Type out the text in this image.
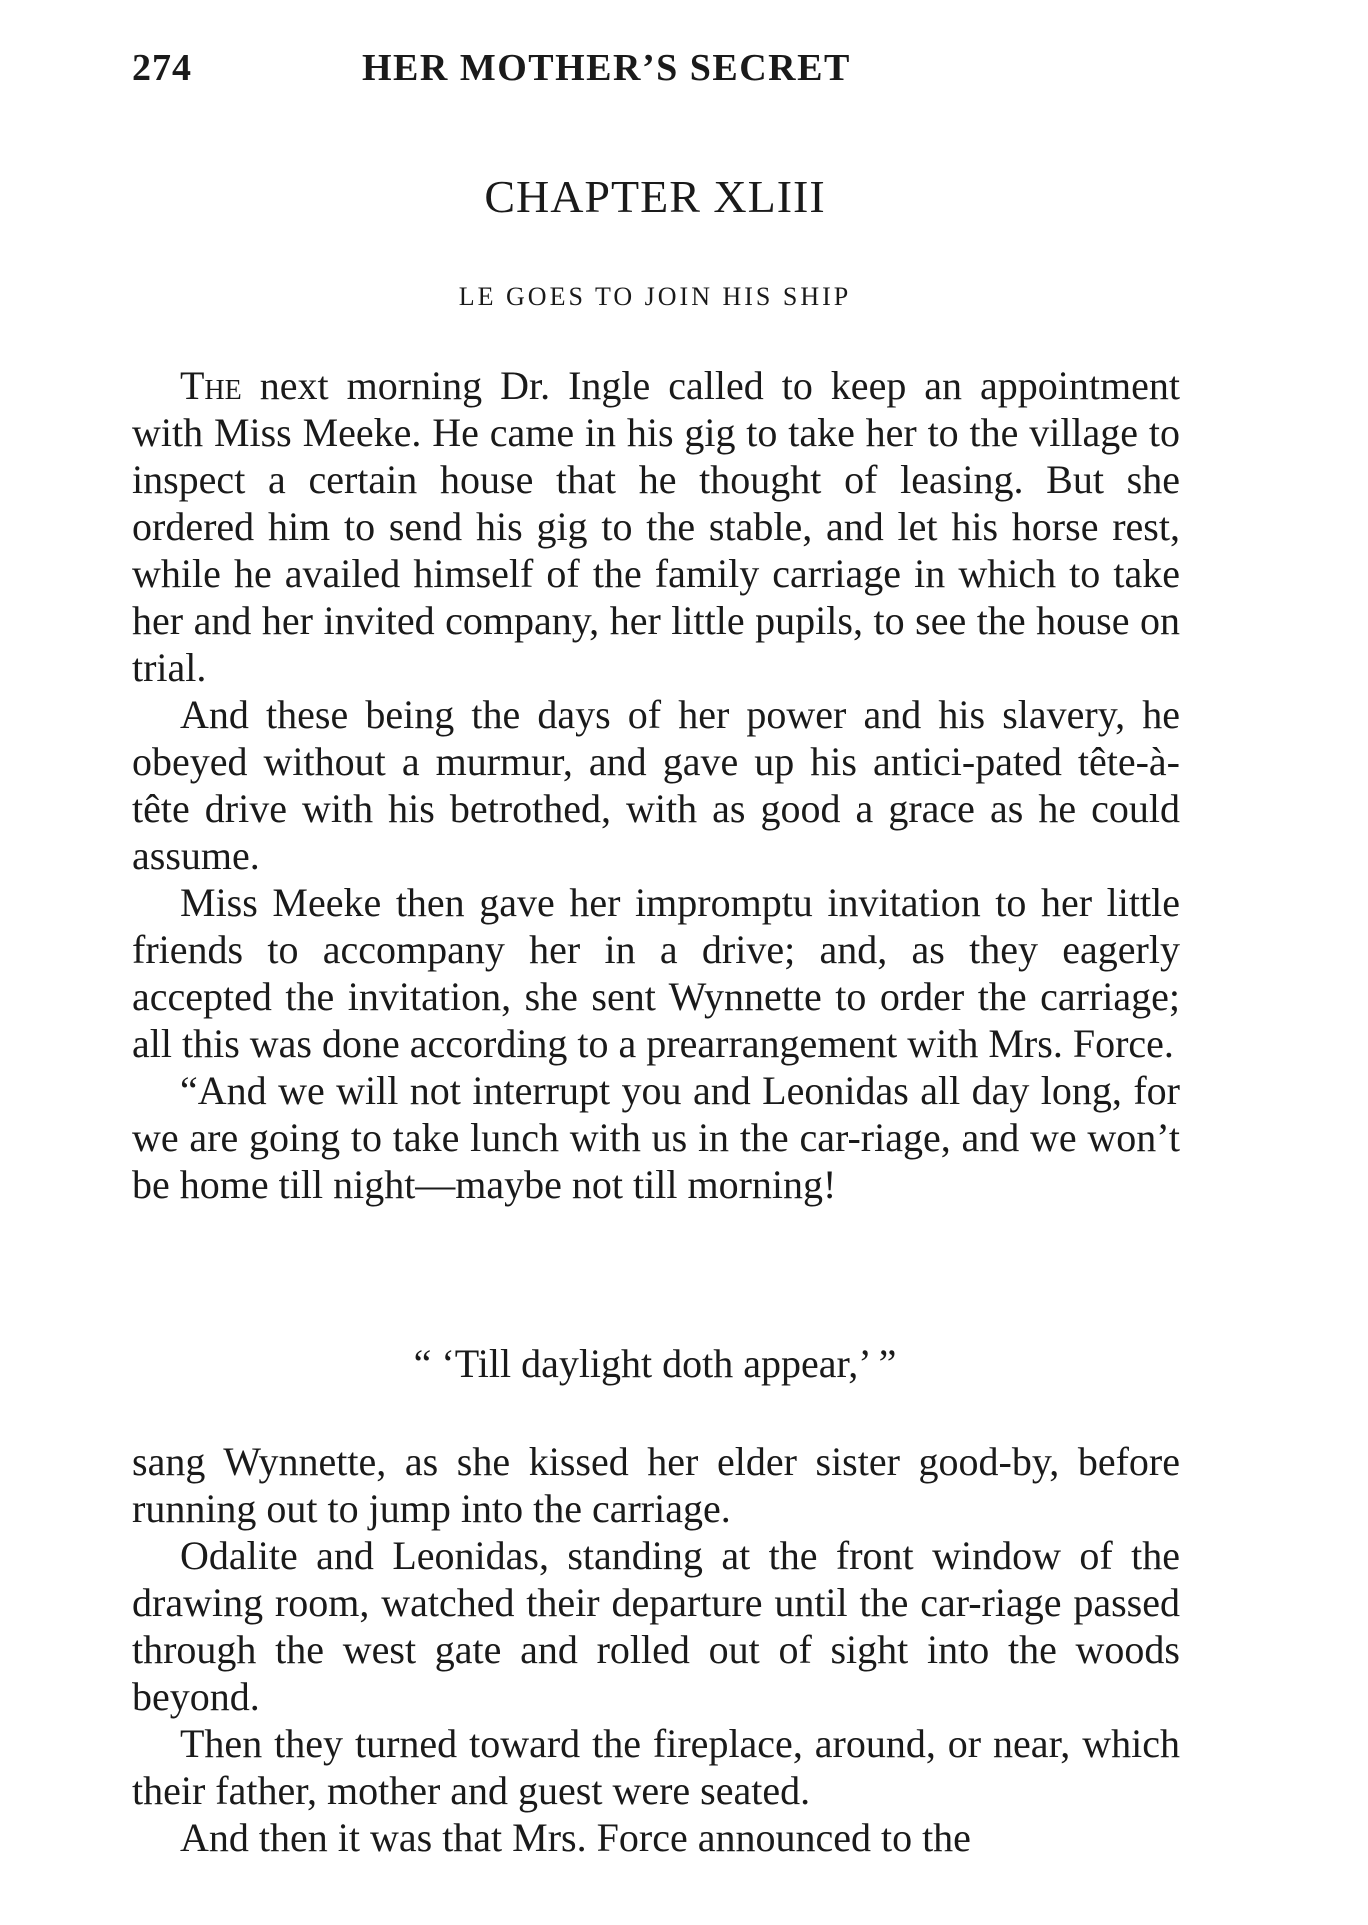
274	HER MOTHER’S SECRET
CHAPTER XLIII
LE GOES TO JOIN HIS SHIP

The next morning Dr. Ingle called to keep an appointment with Miss Meeke. He came in his gig to take her to the village to inspect a certain house that he thought of leasing. But she ordered him to send his gig to the stable, and let his horse rest, while he availed himself of the family carriage in which to take her and her invited company, her little pupils, to see the house on trial.

And these being the days of her power and his slavery, he obeyed without a murmur, and gave up his antici-pated tête-à-tête drive with his betrothed, with as good a grace as he could assume.

Miss Meeke then gave her impromptu invitation to her little friends to accompany her in a drive; and, as they eagerly accepted the invitation, she sent Wynnette to order the carriage; all this was done according to a prearrangement with Mrs. Force.

“And we will not interrupt you and Leonidas all day long, for we are going to take lunch with us in the car-riage, and we won’t be home till night—maybe not till morning!

“ ‘Till daylight doth appear,’ ”

sang Wynnette, as she kissed her elder sister good-by, before running out to jump into the carriage.

Odalite and Leonidas, standing at the front window of the drawing room, watched their departure until the car-riage passed through the west gate and rolled out of sight into the woods beyond.

Then they turned toward the fireplace, around, or near, which their father, mother and guest were seated.

And then it was that Mrs. Force announced to the
